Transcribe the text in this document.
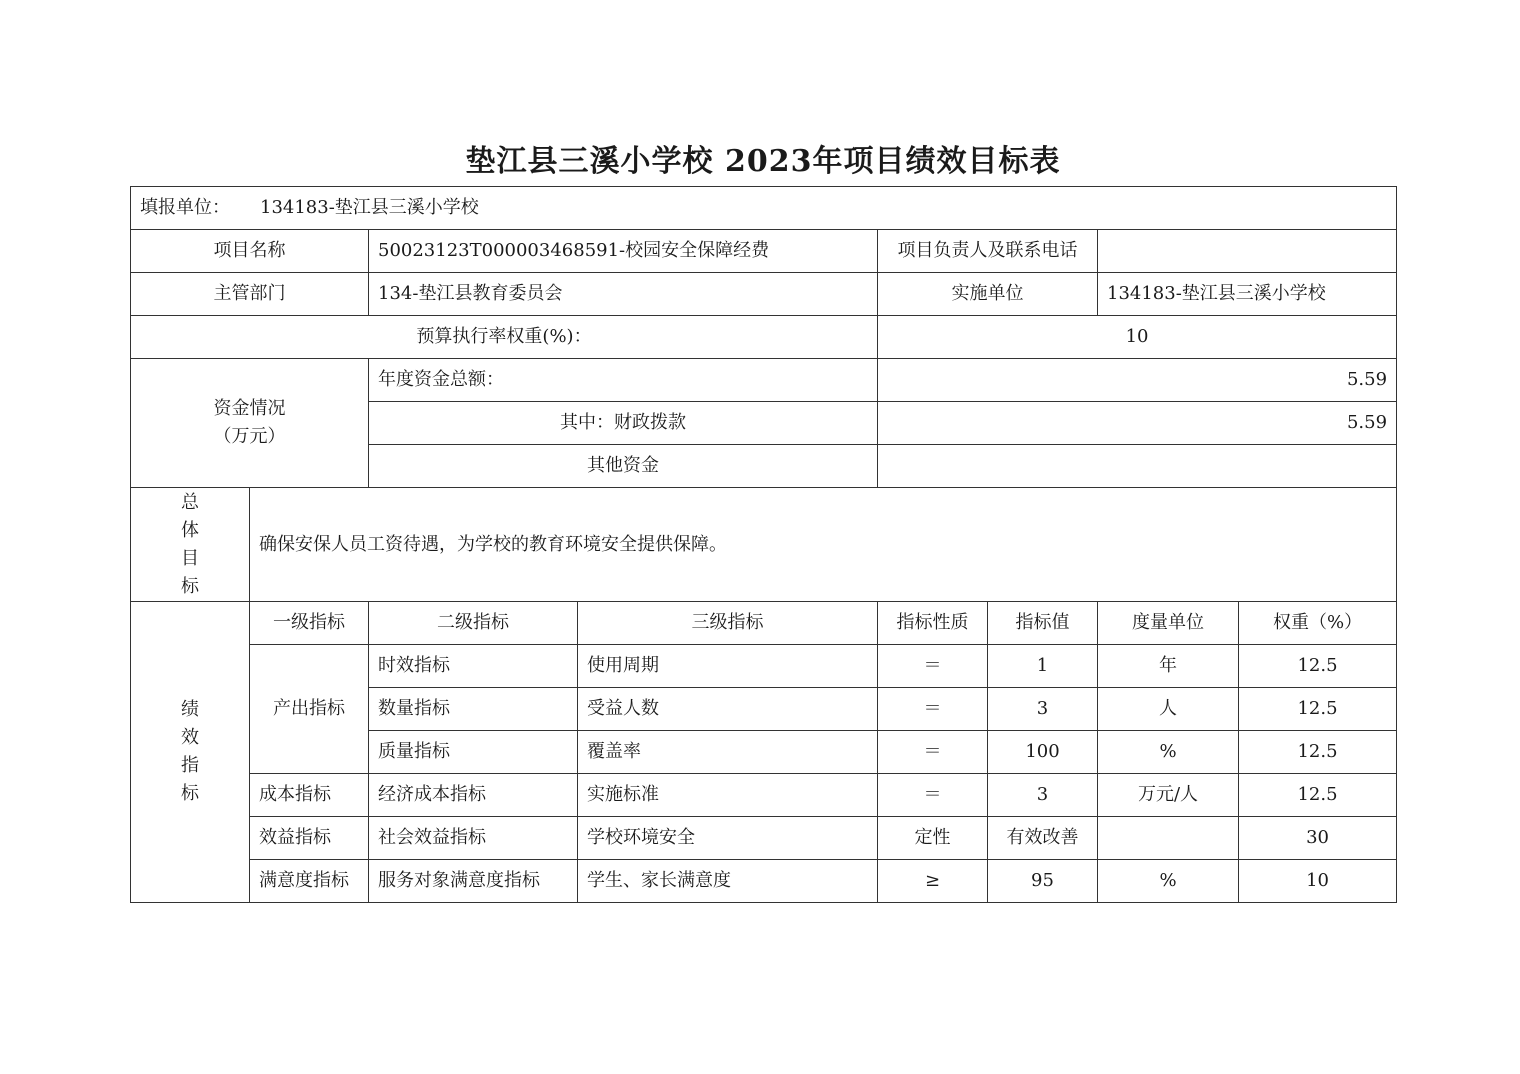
垫江县三溪小学校 2023年项目绩效目标表
填报单位： 134183-垫江县三溪小学校							
项目名称		50023123T000003468591-校园安全保障经费		项目负责人及联系电话			
主管部门		134-垫江县教育委员会		实施单位		134183-垫江县三溪小学校	
预算执行率权重(%)：				10			
资金情况
（万元）		年度资金总额：		5.59			
		其中：财政拨款		5.59			
		其他资金					

总
体
目
标	确保安保人员工资待遇，为学校的教育环境安全提供保障。						

绩
效
指
标	一级指标	二级指标	三级指标	指标性质	指标值	度量单位	权重（%）
	产出指标	时效指标	使用周期	＝	1	年	12.5
		数量指标	受益人数	＝	3	人	12.5
		质量指标	覆盖率	＝	100	%	12.5
	成本指标	经济成本指标	实施标准	＝	3	万元/人	12.5
	效益指标	社会效益指标	学校环境安全	定性	有效改善		30
	满意度指标	服务对象满意度指标	学生、家长满意度	≥	95	%	10
